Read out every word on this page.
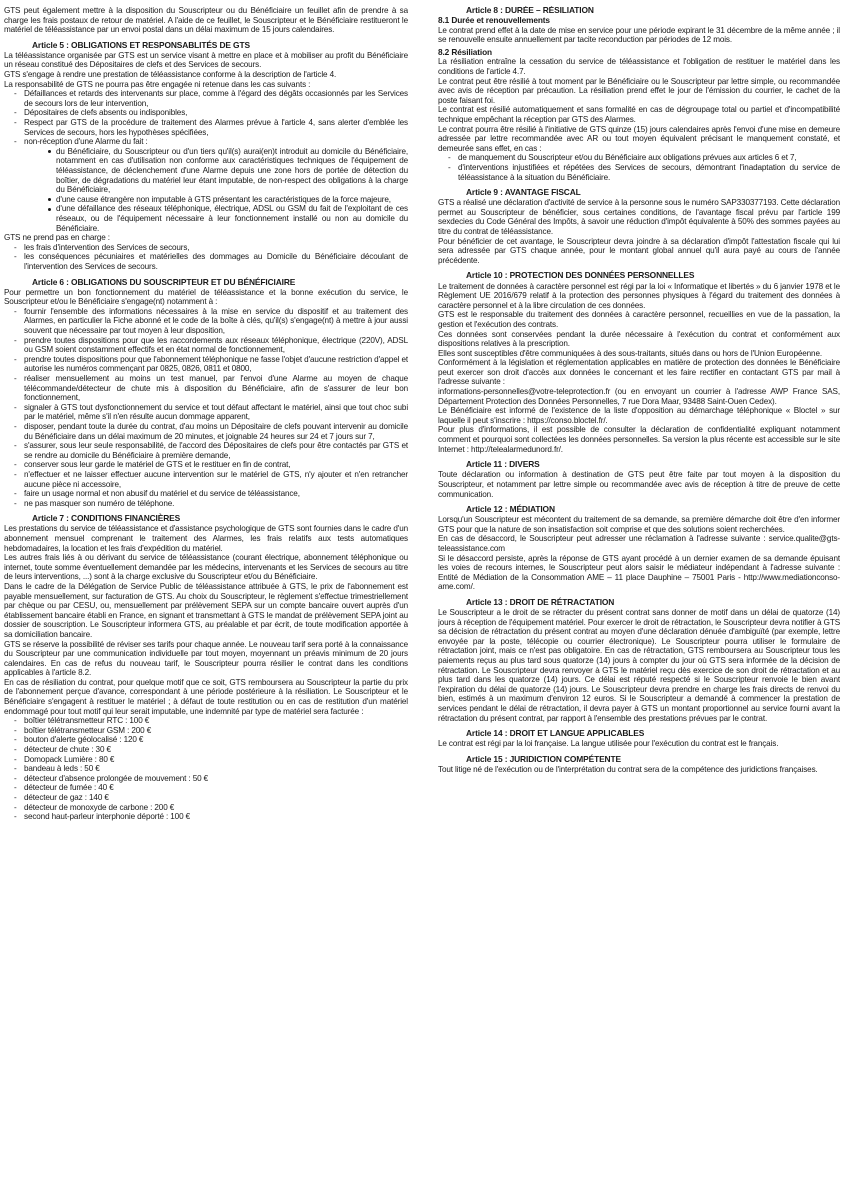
GTS peut également mettre à la disposition du Souscripteur ou du Bénéficiaire un feuillet afin de prendre à sa charge les frais postaux de retour de matériel. A l'aide de ce feuillet, le Souscripteur et le Bénéficiaire restitueront le matériel de téléassistance par un envoi postal dans un délai maximum de 15 jours calendaires.

Article 5 : OBLIGATIONS ET RESPONSABLITÉS DE GTS

La téléassistance organisée par GTS est un service visant à mettre en place et à mobiliser au profit du Bénéficiaire un réseau constitué des Dépositaires de clefs et des Services de secours.

GTS s'engage à rendre une prestation de téléassistance conforme à la description de l'article 4.

La responsabilité de GTS ne pourra pas être engagée ni retenue dans les cas suivants :

- Défaillances et retards des intervenants sur place, comme à l'égard des dégâts occasionnés par les Services de secours lors de leur intervention,
- Dépositaires de clefs absents ou indisponibles,
- Respect par GTS de la procédure de traitement des Alarmes prévue à l'article 4, sans alerter d'emblée les Services de secours, hors les hypothèses spécifiées,
- non-réception d'une Alarme du fait :
du Bénéficiaire, du Souscripteur ou d'un tiers qu'il(s) aurai(en)t introduit au domicile du Bénéficiaire, notamment en cas d'utilisation non conforme aux caractéristiques techniques de l'équipement de téléassistance, de déclenchement d'une Alarme depuis une zone hors de portée de détection du boîtier, de dégradations du matériel leur étant imputable, de non-respect des obligations à la charge du Bénéficiaire,
d'une cause étrangère non imputable à GTS présentant les caractéristiques de la force majeure,
d'une défaillance des réseaux téléphonique, électrique, ADSL ou GSM du fait de l'exploitant de ces réseaux, ou de l'équipement nécessaire à leur fonctionnement installé ou non au domicile du Bénéficiaire.

GTS ne prend pas en charge :

- les frais d'intervention des Services de secours,
- les conséquences pécuniaires et matérielles des dommages au Domicile du Bénéficiaire découlant de l'intervention des Services de secours.
Article 6 : OBLIGATIONS DU SOUSCRIPTEUR ET DU BÉNÉFICIAIRE

Pour permettre un bon fonctionnement du matériel de téléassistance et la bonne exécution du service, le Souscripteur et/ou le Bénéficiaire s'engage(nt) notamment à :

- fournir l'ensemble des informations nécessaires à la mise en service du dispositif et au traitement des Alarmes, en particulier la Fiche abonné et le code de la boîte à clés, qu'il(s) s'engage(nt) à mettre à jour aussi souvent que nécessaire par tout moyen à leur disposition,
- prendre toutes dispositions pour que les raccordements aux réseaux téléphonique, électrique (220V), ADSL ou GSM soient constamment effectifs et en état normal de fonctionnement,
- prendre toutes dispositions pour que l'abonnement téléphonique ne fasse l'objet d'aucune restriction d'appel et autorise les numéros commençant par 0825, 0826, 0811 et 0800,
- réaliser mensuellement au moins un test manuel, par l'envoi d'une Alarme au moyen de chaque télécommande/détecteur de chute mis à disposition du Bénéficiaire, afin de s'assurer de leur bon fonctionnement,
- signaler à GTS tout dysfonctionnement du service et tout défaut affectant le matériel, ainsi que tout choc subi par le matériel, même s'il n'en résulte aucun dommage apparent,
- disposer, pendant toute la durée du contrat, d'au moins un Dépositaire de clefs pouvant intervenir au domicile du Bénéficiaire dans un délai maximum de 20 minutes, et joignable 24 heures sur 24 et 7 jours sur 7,
- s'assurer, sous leur seule responsabilité, de l'accord des Dépositaires de clefs pour être contactés par GTS et se rendre au domicile du Bénéficiaire à première demande,
- conserver sous leur garde le matériel de GTS et le restituer en fin de contrat,
- n'effectuer et ne laisser effectuer aucune intervention sur le matériel de GTS, n'y ajouter et n'en retrancher aucune pièce ni accessoire,
- faire un usage normal et non abusif du matériel et du service de téléassistance,
- ne pas masquer son numéro de téléphone.
Article 7 : CONDITIONS FINANCIÈRES

Les prestations du service de téléassistance et d'assistance psychologique de GTS sont fournies dans le cadre d'un abonnement mensuel comprenant le traitement des Alarmes, les frais relatifs aux tests automatiques hebdomadaires, la location et les frais d'expédition du matériel.

Les autres frais liés à ou dérivant du service de téléassistance (courant électrique, abonnement téléphonique ou internet, toute somme éventuellement demandée par les médecins, intervenants et les Services de secours au titre de leurs interventions, ...) sont à la charge exclusive du Souscripteur et/ou du Bénéficiaire.

Dans le cadre de la Délégation de Service Public de téléassistance attribuée à GTS, le prix de l'abonnement est payable mensuellement, sur facturation de GTS. Au choix du Souscripteur, le règlement s'effectue trimestriellement par chèque ou par CESU, ou, mensuellement par prélèvement SEPA sur un compte bancaire ouvert auprès d'un établissement bancaire établi en France, en signant et transmettant à GTS le mandat de prélèvement SEPA joint au dossier de souscription. Le Souscripteur informera GTS, au préalable et par écrit, de toute modification apportée à sa domiciliation bancaire.

GTS se réserve la possibilité de réviser ses tarifs pour chaque année. Le nouveau tarif sera porté à la connaissance du Souscripteur par une communication individuelle par tout moyen, moyennant un préavis minimum de 20 jours calendaires. En cas de refus du nouveau tarif, le Souscripteur pourra résilier le contrat dans les conditions applicables à l'article 8.2.

En cas de résiliation du contrat, pour quelque motif que ce soit, GTS remboursera au Souscripteur la partie du prix de l'abonnement perçue d'avance, correspondant à une période postérieure à la résiliation. Le Souscripteur et le Bénéficiaire s'engagent à restituer le matériel ; à défaut de toute restitution ou en cas de restitution d'un matériel endommagé pour tout motif qui leur serait imputable, une indemnité par type de matériel sera facturée :

- boîtier télétransmetteur RTC : 100 €
- boîtier télétransmetteur GSM : 200 €
- bouton d'alerte géolocalisé : 120 €
- détecteur de chute : 30 €
- Domopack Lumière : 80 €
- bandeau à leds : 50 €
- détecteur d'absence prolongée de mouvement : 50 €
- détecteur de fumée : 40 €
- détecteur de gaz : 140 €
- détecteur de monoxyde de carbone : 200 €
- second haut-parleur interphonie déporté : 100 €
Article 8 : DURÉE – RÉSILIATION
8.1 Durée et renouvellements

Le contrat prend effet à la date de mise en service pour une période expirant le 31 décembre de la même année ; il se renouvelle ensuite annuellement par tacite reconduction par périodes de 12 mois.

8.2 Résiliation

La résiliation entraîne la cessation du service de téléassistance et l'obligation de restituer le matériel dans les conditions de l'article 4.7.

Le contrat peut être résilié à tout moment par le Bénéficiaire ou le Souscripteur par lettre simple, ou recommandée avec avis de réception par précaution. La résiliation prend effet le jour de l'émission du courrier, le cachet de la poste faisant foi.

Le contrat est résilié automatiquement et sans formalité en cas de dégroupage total ou partiel et d'incompatibilité technique empêchant la réception par GTS des Alarmes.

Le contrat pourra être résilié à l'initiative de GTS quinze (15) jours calendaires après l'envoi d'une mise en demeure adressée par lettre recommandée avec AR ou tout moyen équivalent précisant le manquement constaté, et demeurée sans effet, en cas :

- de manquement du Souscripteur et/ou du Bénéficiaire aux obligations prévues aux articles 6 et 7,
- d'interventions injustifiées et répétées des Services de secours, démontrant l'inadaptation du service de téléassistance à la situation du Bénéficiaire.
Article 9 : AVANTAGE FISCAL

GTS a réalisé une déclaration d'activité de service à la personne sous le numéro SAP330377193. Cette déclaration permet au Souscripteur de bénéficier, sous certaines conditions, de l'avantage fiscal prévu par l'article 199 sexdecies du Code Général des Impôts, à savoir une réduction d'impôt équivalente à 50% des sommes payées au titre du contrat de téléassistance.

Pour bénéficier de cet avantage, le Souscripteur devra joindre à sa déclaration d'impôt l'attestation fiscale qui lui sera adressée par GTS chaque année, pour le montant global annuel qu'il aura payé au cours de l'année précédente.

Article 10 : PROTECTION DES DONNÉES PERSONNELLES

Le traitement de données à caractère personnel est régi par la loi « Informatique et libertés » du 6 janvier 1978 et le Règlement UE 2016/679 relatif à la protection des personnes physiques à l'égard du traitement des données à caractère personnel et à la libre circulation de ces données.

GTS est le responsable du traitement des données à caractère personnel, recueillies en vue de la passation, la gestion et l'exécution des contrats.

Ces données sont conservées pendant la durée nécessaire à l'exécution du contrat et conformément aux dispositions relatives à la prescription.

Elles sont susceptibles d'être communiquées à des sous-traitants, situés dans ou hors de l'Union Européenne.

Conformément à la législation et réglementation applicables en matière de protection des données le Bénéficiaire peut exercer son droit d'accès aux données le concernant et les faire rectifier en contactant GTS par mail à l'adresse suivante :

informations-personnelles@votre-teleprotection.fr (ou en envoyant un courrier à l'adresse AWP France SAS, Département Protection des Données Personnelles, 7 rue Dora Maar, 93488 Saint-Ouen Cedex).

Le Bénéficiaire est informé de l'existence de la liste d'opposition au démarchage téléphonique « Bloctel » sur laquelle il peut s'inscrire : https://conso.bloctel.fr/.

Pour plus d'informations, il est possible de consulter la déclaration de confidentialité expliquant notamment comment et pourquoi sont collectées les données personnelles. Sa version la plus récente est accessible sur le site Internet : http://telealarmedunord.fr/.

Article 11 : DIVERS

Toute déclaration ou information à destination de GTS peut être faite par tout moyen à la disposition du Souscripteur, et notamment par lettre simple ou recommandée avec avis de réception à titre de preuve de cette communication.

Article 12 : MÉDIATION

Lorsqu'un Souscripteur est mécontent du traitement de sa demande, sa première démarche doit être d'en informer GTS pour que la nature de son insatisfaction soit comprise et que des solutions soient recherchées.

En cas de désaccord, le Souscripteur peut adresser une réclamation à l'adresse suivante : service.qualite@gts-teleassistance.com

Si le désaccord persiste, après la réponse de GTS ayant procédé à un dernier examen de sa demande épuisant les voies de recours internes, le Souscripteur peut alors saisir le médiateur indépendant à l'adresse suivante : Entité de Médiation de la Consommation AME – 11 place Dauphine – 75001 Paris - http://www.mediationconso-ame.com/.

Article 13 : DROIT DE RÉTRACTATION

Le Souscripteur a le droit de se rétracter du présent contrat sans donner de motif dans un délai de quatorze (14) jours à réception de l'équipement matériel. Pour exercer le droit de rétractation, le Souscripteur devra notifier à GTS sa décision de rétractation du présent contrat au moyen d'une déclaration dénuée d'ambiguïté (par exemple, lettre envoyée par la poste, télécopie ou courrier électronique). Le Souscripteur pourra utiliser le formulaire de rétractation joint, mais ce n'est pas obligatoire. En cas de rétractation, GTS remboursera au Souscripteur tous les paiements reçus au plus tard sous quatorze (14) jours à compter du jour où GTS sera informée de la décision de rétractation. Le Souscripteur devra renvoyer à GTS le matériel reçu dès exercice de son droit de rétractation et au plus tard dans les quatorze (14) jours. Ce délai est réputé respecté si le Souscripteur renvoie le bien avant l'expiration du délai de quatorze (14) jours. Le Souscripteur devra prendre en charge les frais directs de renvoi du bien, estimés à un maximum d'environ 12 euros. Si le Souscripteur a demandé à commencer la prestation de services pendant le délai de rétractation, il devra payer à GTS un montant proportionnel au service fourni avant la rétractation du présent contrat, par rapport à l'ensemble des prestations prévues par le contrat.

Article 14 : DROIT ET LANGUE APPLICABLES

Le contrat est régi par la loi française. La langue utilisée pour l'exécution du contrat est le français.

Article 15 : JURIDICTION COMPÉTENTE

Tout litige né de l'exécution ou de l'interprétation du contrat sera de la compétence des juridictions françaises.
